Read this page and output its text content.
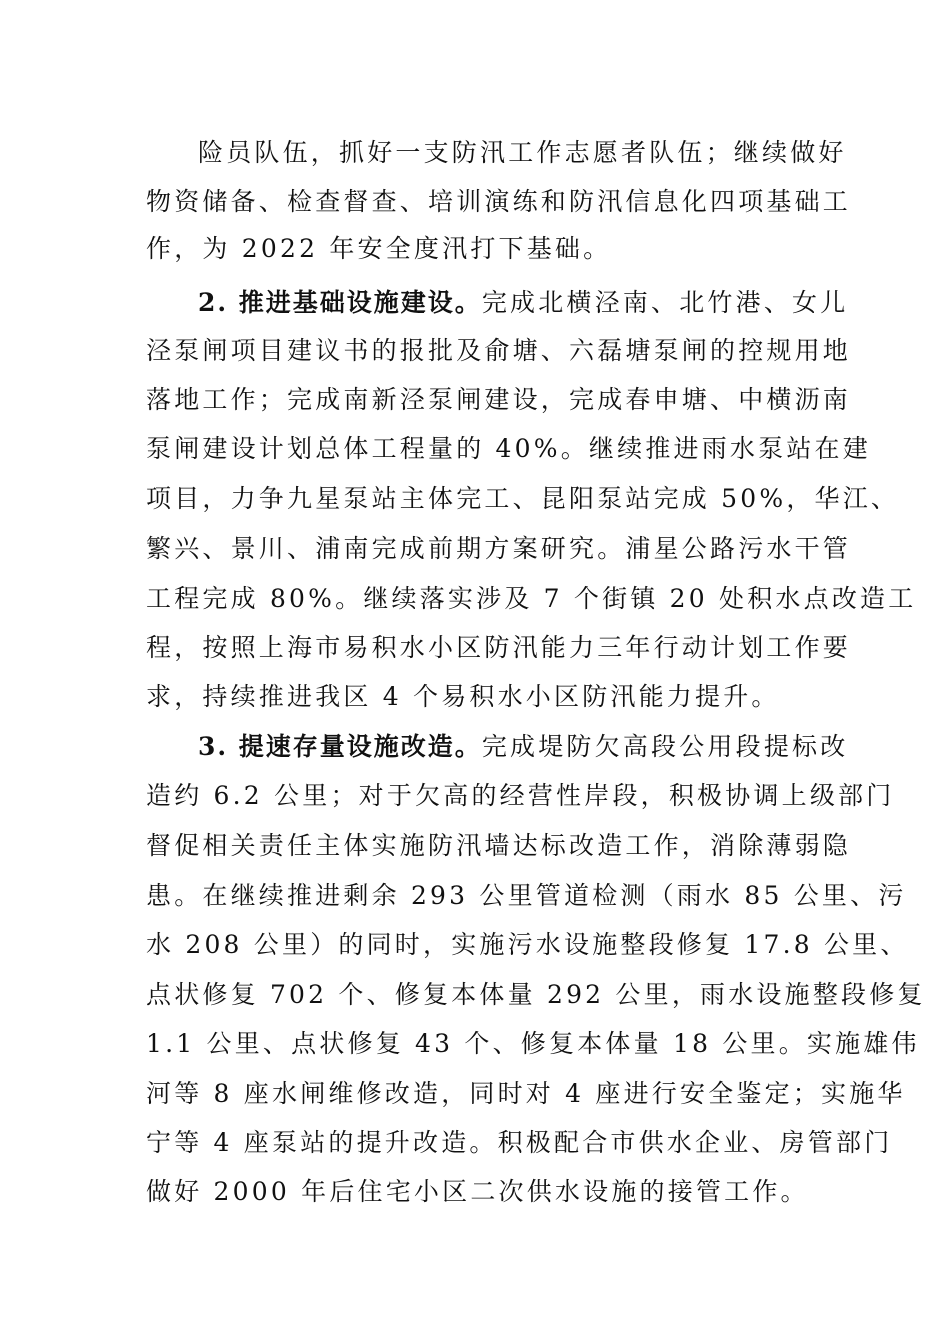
险员队伍，抓好一支防汛工作志愿者队伍；继续做好
物资储备、检查督查、培训演练和防汛信息化四项基础工
作，为 2022 年安全度汛打下基础。
2. 推进基础设施建设。完成北横泾南、北竹港、女儿
泾泵闸项目建议书的报批及俞塘、六磊塘泵闸的控规用地
落地工作；完成南新泾泵闸建设，完成春申塘、中横沥南
泵闸建设计划总体工程量的 40%。继续推进雨水泵站在建
项目，力争九星泵站主体完工、昆阳泵站完成 50%，华江、
繁兴、景川、浦南完成前期方案研究。浦星公路污水干管
工程完成 80%。继续落实涉及 7 个街镇 20 处积水点改造工
程，按照上海市易积水小区防汛能力三年行动计划工作要
求，持续推进我区 4 个易积水小区防汛能力提升。
3. 提速存量设施改造。完成堤防欠高段公用段提标改
造约 6.2 公里；对于欠高的经营性岸段，积极协调上级部门
督促相关责任主体实施防汛墙达标改造工作，消除薄弱隐
患。在继续推进剩余 293 公里管道检测（雨水 85 公里、污
水 208 公里）的同时，实施污水设施整段修复 17.8 公里、
点状修复 702 个、修复本体量 292 公里，雨水设施整段修复
1.1 公里、点状修复 43 个、修复本体量 18 公里。实施雄伟
河等 8 座水闸维修改造，同时对 4 座进行安全鉴定；实施华
宁等 4 座泵站的提升改造。积极配合市供水企业、房管部门
做好 2000 年后住宅小区二次供水设施的接管工作。
